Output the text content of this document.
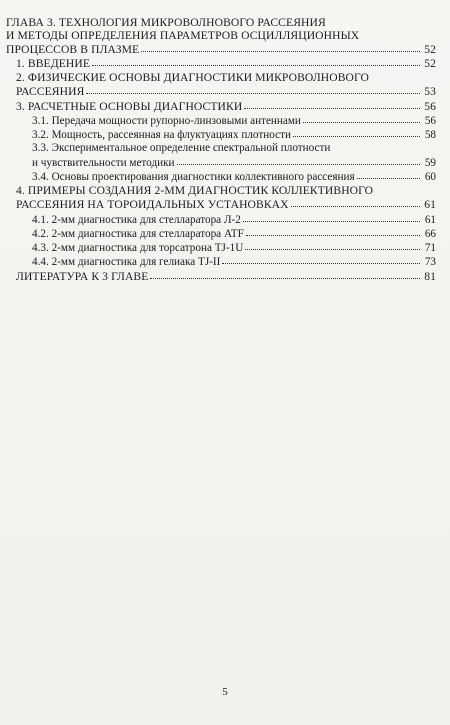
ГЛАВА 3. ТЕХНОЛОГИЯ МИКРОВОЛНОВОГО РАССЕЯНИЯ
И МЕТОДЫ ОПРЕДЕЛЕНИЯ ПАРАМЕТРОВ ОСЦИЛЛЯЦИОННЫХ
ПРОЦЕССОВ В ПЛАЗМЕ	52
1. ВВЕДЕНИЕ	52
2. ФИЗИЧЕСКИЕ ОСНОВЫ ДИАГНОСТИКИ МИКРОВОЛНОВОГО
РАССЕЯНИЯ	53
3. РАСЧЕТНЫЕ ОСНОВЫ ДИАГНОСТИКИ	56
3.1. Передача мощности рупорно-линзовыми антеннами	56
3.2. Мощность, рассеянная на флуктуациях плотности	58
3.3. Экспериментальное определение спектральной плотности
и чувствительности методики	59
3.4. Основы проектирования диагностики коллективного рассеяния	60
4. ПРИМЕРЫ СОЗДАНИЯ 2-ММ ДИАГНОСТИК КОЛЛЕКТИВНОГО
РАССЕЯНИЯ НА ТОРОИДАЛЬНЫХ УСТАНОВКАХ	61
4.1. 2-мм диагностика для стелларатора Л-2	61
4.2. 2-мм диагностика для стелларатора ATF	66
4.3. 2-мм диагностика для торсатрона TJ-1U	71
4.4. 2-мм диагностика для гелиака TJ-II	73
ЛИТЕРАТУРА К 3 ГЛАВЕ	81
5
